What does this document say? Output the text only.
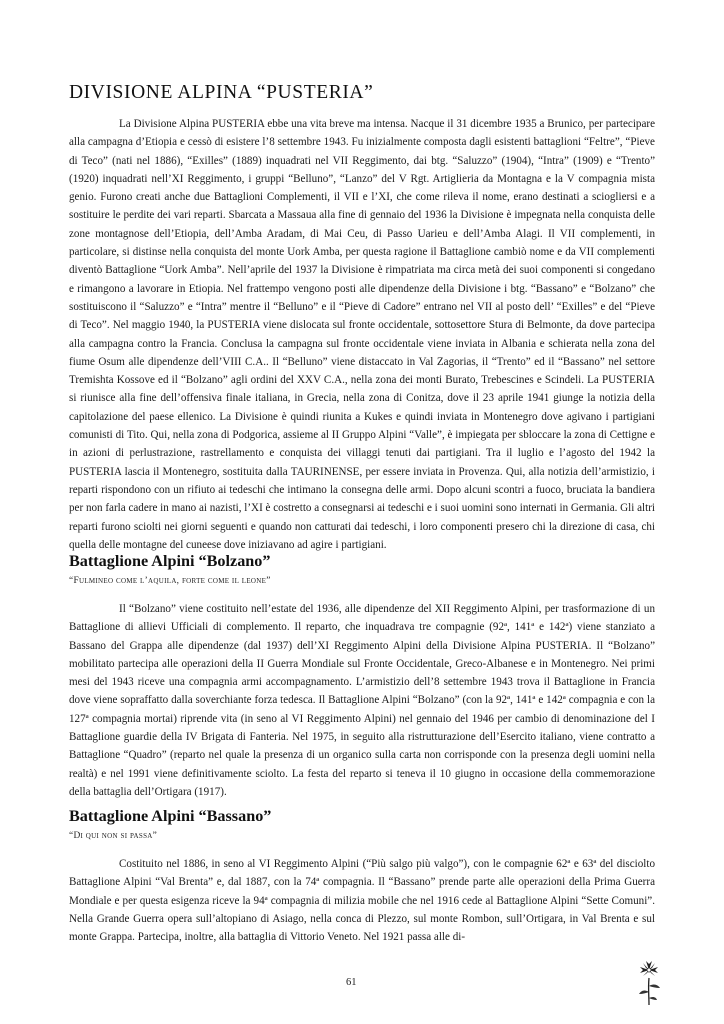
DIVISIONE ALPINA “PUSTERIA”

La Divisione Alpina PUSTERIA ebbe una vita breve ma intensa. Nacque il 31 dicembre 1935 a Brunico, per partecipare alla campagna d’Etiopia e cessò di esistere l’8 settembre 1943. Fu inizialmente composta dagli esistenti battaglioni “Feltre”, “Pieve di Teco” (nati nel 1886), “Exilles” (1889) inquadrati nel VII Reggimento, dai btg. “Saluzzo” (1904), “Intra” (1909) e “Trento” (1920) inquadrati nell’XI Reggimento, i gruppi “Belluno”, “Lanzo” del V Rgt. Artiglieria da Montagna e la V compagnia mista genio. Furono creati anche due Battaglioni Complementi, il VII e l’XI, che come rileva il nome, erano destinati a sciogliersi e a sostituire le perdite dei vari reparti. Sbarcata a Massaua alla fine di gennaio del 1936 la Divisione è impegnata nella conquista delle zone montagnose dell’Etiopia, dell’Amba Aradam, di Mai Ceu, di Passo Uarieu e dell’Amba Alagi. Il VII complementi, in particolare, si distinse nella conquista del monte Uork Amba, per questa ragione il Battaglione cambiò nome e da VII complementi diventò Battaglione “Uork Amba”. Nell’aprile del 1937 la Divisione è rimpatriata ma circa metà dei suoi componenti si congedano e rimangono a lavorare in Etiopia. Nel frattempo vengono posti alle dipendenze della Divisione i btg. “Bassano” e “Bolzano” che sostituiscono il “Saluzzo” e “Intra” mentre il “Belluno” e il “Pieve di Cadore” entrano nel VII al posto dell’ “Exilles” e del “Pieve di Teco”. Nel maggio 1940, la PUSTERIA viene dislocata sul fronte occidentale, sottosettore Stura di Belmonte, da dove partecipa alla campagna contro la Francia. Conclusa la campagna sul fronte occidentale viene inviata in Albania e schierata nella zona del fiume Osum alle dipendenze dell’VIII C.A.. Il “Belluno” viene distaccato in Val Zagorias, il “Trento” ed il “Bassano” nel settore Tremishta Kossove ed il “Bolzano” agli ordini del XXV C.A., nella zona dei monti Burato, Trebescines e Scindeli. La PUSTERIA si riunisce alla fine dell’offensiva finale italiana, in Grecia, nella zona di Conitza, dove il 23 aprile 1941 giunge la notizia della capitolazione del paese ellenico. La Divisione è quindi riunita a Kukes e quindi inviata in Montenegro dove agivano i partigiani comunisti di Tito. Qui, nella zona di Podgorica, assieme al II Gruppo Alpini “Valle”, è impiegata per sbloccare la zona di Cettigne e in azioni di perlustrazione, rastrellamento e conquista dei villaggi tenuti dai partigiani. Tra il luglio e l’agosto del 1942 la PUSTERIA lascia il Montenegro, sostituita dalla TAURINENSE, per essere inviata in Provenza. Qui, alla notizia dell’armistizio, i reparti rispondono con un rifiuto ai tedeschi che intimano la consegna delle armi. Dopo alcuni scontri a fuoco, bruciata la bandiera per non farla cadere in mano ai nazisti, l’XI è costretto a consegnarsi ai tedeschi e i suoi uomini sono internati in Germania. Gli altri reparti furono sciolti nei giorni seguenti e quando non catturati dai tedeschi, i loro componenti presero chi la direzione di casa, chi quella delle montagne del cuneese dove iniziavano ad agire i partigiani.

Battaglione Alpini “Bolzano”
“Fulmineo come l’aquila, forte come il leone”

Il “Bolzano” viene costituito nell’estate del 1936, alle dipendenze del XII Reggimento Alpini, per trasformazione di un Battaglione di allievi Ufficiali di complemento. Il reparto, che inquadrava tre compagnie (92ª, 141ª e 142ª) viene stanziato a Bassano del Grappa alle dipendenze (dal 1937) dell’XI Reggimento Alpini della Divisione Alpina PUSTERIA. Il “Bolzano” mobilitato partecipa alle operazioni della II Guerra Mondiale sul Fronte Occidentale, Greco-Albanese e in Montenegro. Nei primi mesi del 1943 riceve una compagnia armi accompagnamento. L’armistizio dell’8 settembre 1943 trova il Battaglione in Francia dove viene sopraffatto dalla soverchiante forza tedesca. Il Battaglione Alpini “Bolzano” (con la 92ª, 141ª e 142ª compagnia e con la 127ª compagnia mortai) riprende vita (in seno al VI Reggimento Alpini) nel gennaio del 1946 per cambio di denominazione del I Battaglione guardie della IV Brigata di Fanteria. Nel 1975, in seguito alla ristrutturazione dell’Esercito italiano, viene contratto a Battaglione “Quadro” (reparto nel quale la presenza di un organico sulla carta non corrisponde con la presenza degli uomini nella realtà) e nel 1991 viene definitivamente sciolto. La festa del reparto si teneva il 10 giugno in occasione della commemorazione della battaglia dell’Ortigara (1917).

Battaglione Alpini “Bassano”
“Di qui non si passa”

Costituito nel 1886, in seno al VI Reggimento Alpini (“Più salgo più valgo”), con le compagnie 62ª e 63ª del disciolto Battaglione Alpini “Val Brenta” e, dal 1887, con la 74ª compagnia. Il “Bassano” prende parte alle operazioni della Prima Guerra Mondiale e per questa esigenza riceve la 94ª compagnia di milizia mobile che nel 1916 cede al Battaglione Alpini “Sette Comuni”. Nella Grande Guerra opera sull’altopiano di Asiago, nella conca di Plezzo, sul monte Rombon, sull’Ortigara, in Val Brenta e sul monte Grappa. Partecipa, inoltre, alla battaglia di Vittorio Veneto. Nel 1921 passa alle di-

61
